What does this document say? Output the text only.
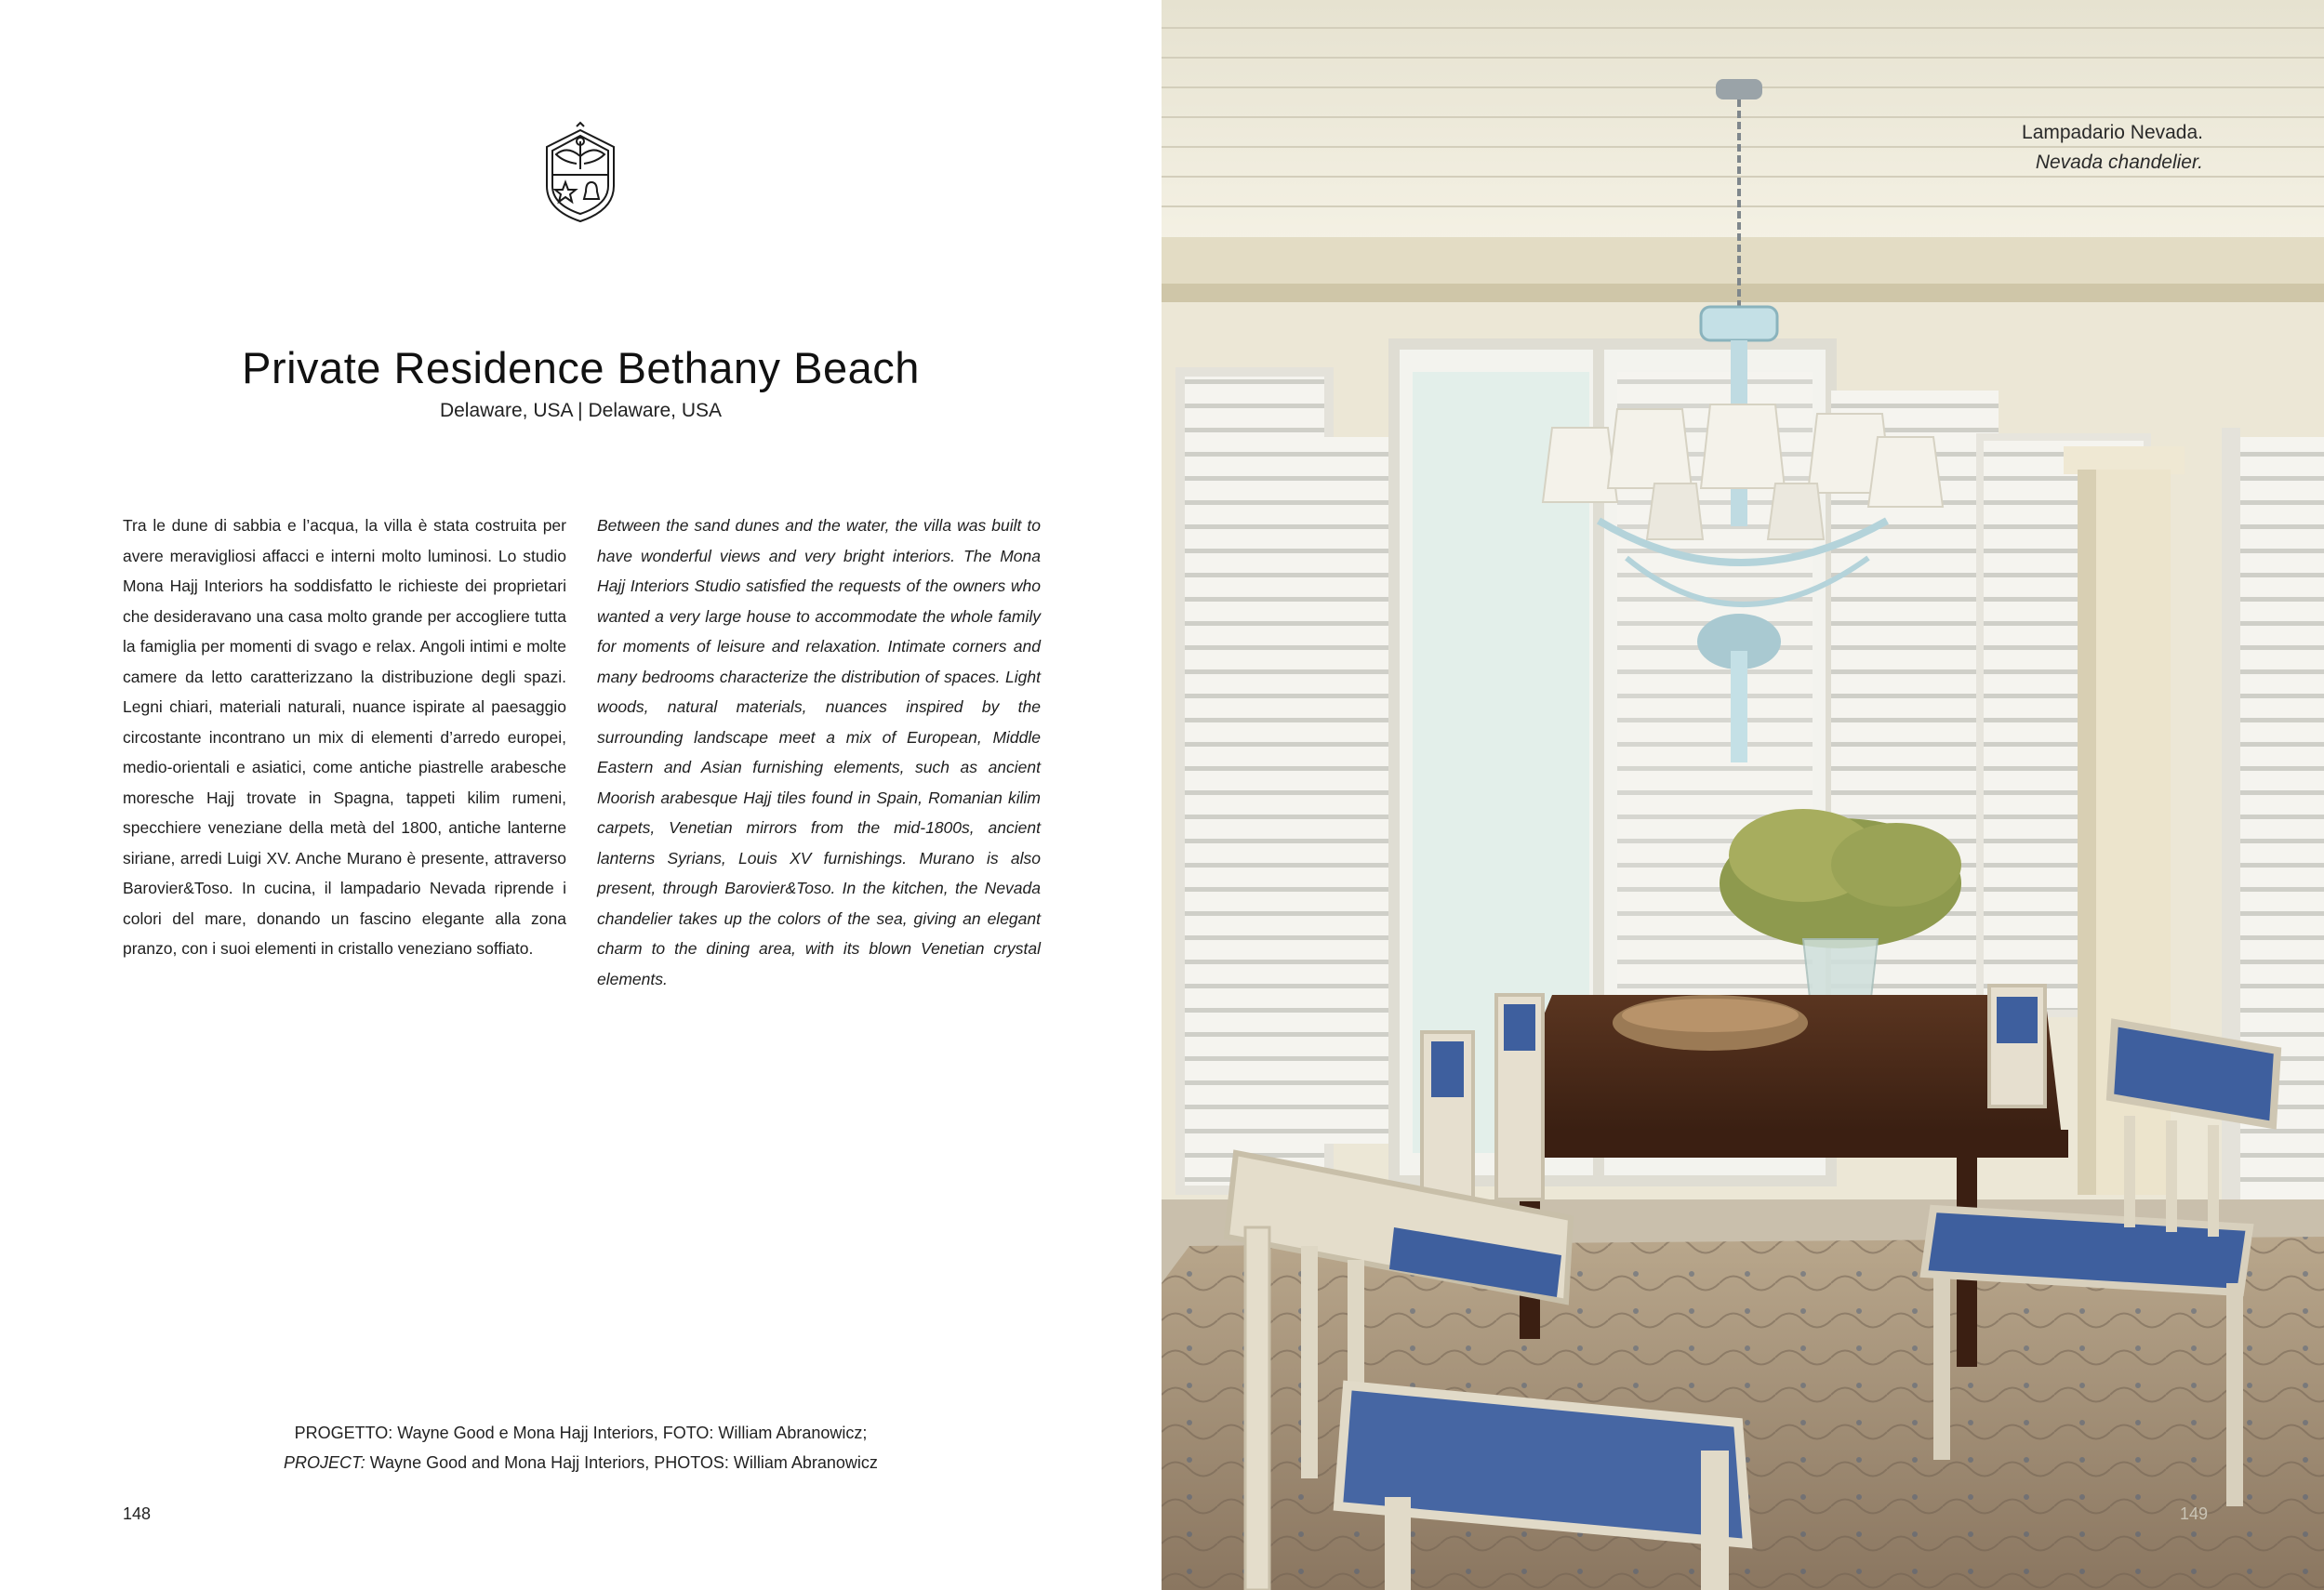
Private Residence Bethany Beach
Delaware, USA | Delaware, USA
Tra le dune di sabbia e l’acqua, la villa è stata costruita per avere meravigliosi affacci e interni molto luminosi. Lo studio Mona Hajj Interiors ha soddisfatto le richieste dei proprietari che desideravano una casa molto grande per accogliere tutta la famiglia per momenti di svago e relax. Angoli intimi e molte camere da letto caratterizzano la distribuzione degli spazi. Legni chiari, materiali naturali, nuance ispirate al paesaggio circostante incontrano un mix di elementi d’arredo europei, medio-orientali e asiatici, come antiche piastrelle arabesche moresche Hajj trovate in Spagna, tappeti kilim rumeni, specchiere veneziane della metà del 1800, antiche lanterne siriane, arredi Luigi XV. Anche Murano è presente, attraverso Barovier&Toso. In cucina, il lampadario Nevada riprende i colori del mare, donando un fascino elegante alla zona pranzo, con i suoi elementi in cristallo veneziano soffiato.
Between the sand dunes and the water, the villa was built to have wonderful views and very bright interiors. The Mona Hajj Interiors Studio satisfied the requests of the owners who wanted a very large house to accommodate the whole family for moments of leisure and relaxation. Intimate corners and many bedrooms characterize the distribution of spaces. Light woods, natural materials, nuances inspired by the surrounding landscape meet a mix of European, Middle Eastern and Asian furnishing elements, such as ancient Moorish arabesque Hajj tiles found in Spain, Romanian kilim carpets, Venetian mirrors from the mid-1800s, ancient lanterns Syrians, Louis XV furnishings. Murano is also present, through Barovier&Toso. In the kitchen, the Nevada chandelier takes up the colors of the sea, giving an elegant charm to the dining area, with its blown Venetian crystal elements.
PROGETTO: Wayne Good e Mona Hajj Interiors, FOTO: William Abranowicz;
PROJECT: Wayne Good and Mona Hajj Interiors, PHOTOS: William Abranowicz
148
Lampadario Nevada.
Nevada chandelier.
149
